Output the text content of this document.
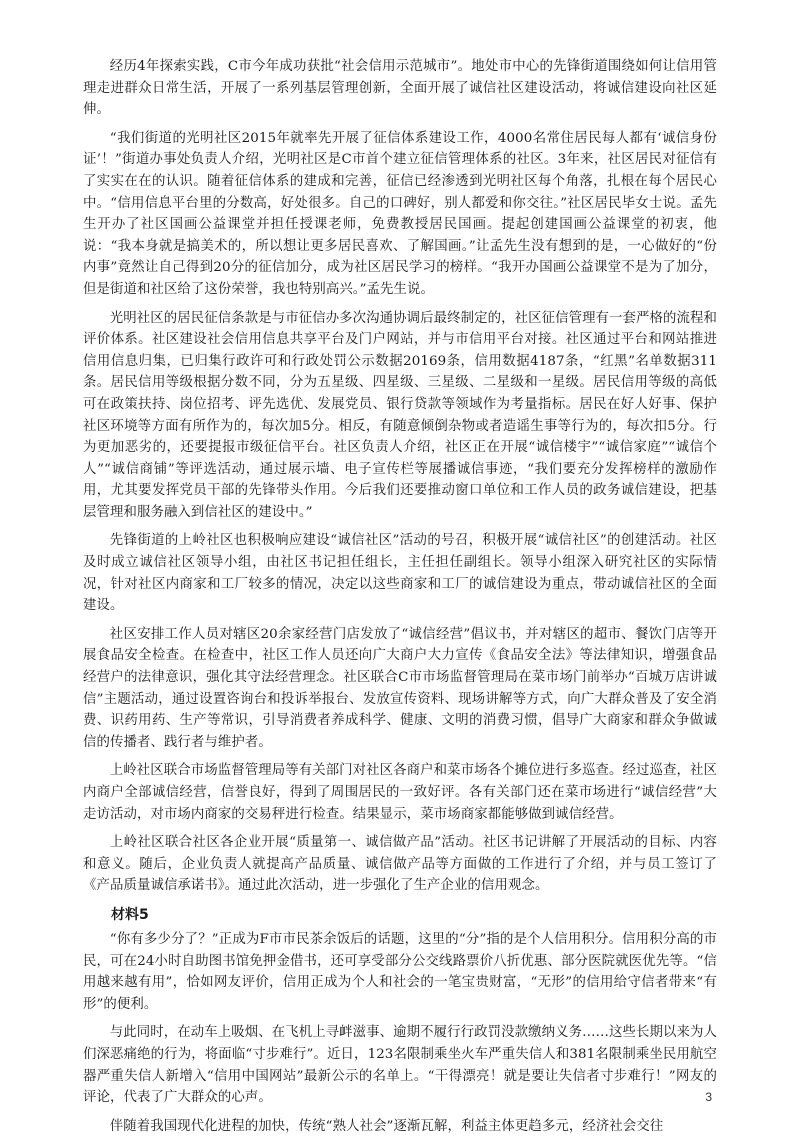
经历4年探索实践，C市今年成功获批“社会信用示范城市”。地处市中心的先锋街道围绕如何让信用管理走进群众日常生活，开展了一系列基层管理创新，全面开展了诚信社区建设活动，将诚信建设向社区延伸。

“我们街道的光明社区2015年就率先开展了征信体系建设工作，4000名常住居民每人都有‘诚信身份证’！”街道办事处负责人介绍，光明社区是C市首个建立征信管理体系的社区。3年来，社区居民对征信有了实实在在的认识。随着征信体系的建成和完善，征信已经渗透到光明社区每个角落，扎根在每个居民心中。“信用信息平台里的分数高，好处很多。自己的口碑好，别人都爱和你交往。”社区居民毕女士说。孟先生开办了社区国画公益课堂并担任授课老师，免费教授居民国画。提起创建国画公益课堂的初衷，他说：“我本身就是搞美术的，所以想让更多居民喜欢、了解国画。”让孟先生没有想到的是，一心做好的“份内事”竟然让自己得到20分的征信加分，成为社区居民学习的榜样。“我开办国画公益课堂不是为了加分，但是街道和社区给了这份荣誉，我也特别高兴。”孟先生说。

光明社区的居民征信条款是与市征信办多次沟通协调后最终制定的，社区征信管理有一套严格的流程和评价体系。社区建设社会信用信息共享平台及门户网站，并与市信用平台对接。社区通过平台和网站推进信用信息归集，已归集行政许可和行政处罚公示数据20169条，信用数据4187条，“红黑”名单数据311条。居民信用等级根据分数不同，分为五星级、四星级、三星级、二星级和一星级。居民信用等级的高低可在政策扶持、岗位招考、评先选优、发展党员、银行贷款等领域作为考量指标。居民在好人好事、保护社区环境等方面有所作为的，每次加5分。相反，有随意倾倒杂物或者造谣生事等行为的，每次扣5分。行为更加恶劣的，还要提报市级征信平台。社区负责人介绍，社区正在开展“诚信楼宇”“诚信家庭”“诚信个人”“诚信商铺”等评选活动，通过展示墙、电子宣传栏等展播诚信事迹，“我们要充分发挥榜样的激励作用，尤其要发挥党员干部的先锋带头作用。今后我们还要推动窗口单位和工作人员的政务诚信建设，把基层管理和服务融入到信社区的建设中。”

先锋街道的上岭社区也积极响应建设“诚信社区”活动的号召，积极开展“诚信社区”的创建活动。社区及时成立诚信社区领导小组，由社区书记担任组长，主任担任副组长。领导小组深入研究社区的实际情况，针对社区内商家和工厂较多的情况，决定以这些商家和工厂的诚信建设为重点，带动诚信社区的全面建设。

社区安排工作人员对辖区20余家经营门店发放了“诚信经营”倡议书，并对辖区的超市、餐饮门店等开展食品安全检查。在检查中，社区工作人员还向广大商户大力宣传《食品安全法》等法律知识，增强食品经营户的法律意识，强化其守法经营理念。社区联合C市市场监督管理局在菜市场门前举办“百城万店讲诚信”主题活动，通过设置咨询台和投诉举报台、发放宣传资料、现场讲解等方式，向广大群众普及了安全消费、识药用药、生产等常识，引导消费者养成科学、健康、文明的消费习惯，倡导广大商家和群众争做诚信的传播者、践行者与维护者。

上岭社区联合市场监督管理局等有关部门对社区各商户和菜市场各个摊位进行多巡查。经过巡查，社区内商户全部诚信经营，信誉良好，得到了周围居民的一致好评。各有关部门还在菜市场进行“诚信经营”大走访活动，对市场内商家的交易秤进行检查。结果显示，菜市场商家都能够做到诚信经营。

上岭社区联合社区各企业开展“质量第一、诚信做产品”活动。社区书记讲解了开展活动的目标、内容和意义。随后，企业负责人就提高产品质量、诚信做产品等方面做的工作进行了介绍，并与员工签订了《产品质量诚信承诺书》。通过此次活动，进一步强化了生产企业的信用观念。

材料5

“你有多少分了？”正成为F市市民茶余饭后的话题，这里的“分”指的是个人信用积分。信用积分高的市民，可在24小时自助图书馆免押金借书，还可享受部分公交线路票价八折优惠、部分医院就医优先等。“信用越来越有用”，恰如网友评价，信用正成为个人和社会的一笔宝贵财富，“无形”的信用给守信者带来“有形”的便利。

与此同时，在动车上吸烟、在飞机上寻衅滋事、逾期不履行行政罚没款缴纳义务……这些长期以来为人们深恶痛绝的行为，将面临“寸步难行”。近日，123名限制乘坐火车严重失信人和381名限制乘坐民用航空器严重失信人新增入“信用中国网站”最新公示的名单上。“干得漂亮！就是要让失信者寸步难行！”网友的评论，代表了广大群众的心声。

伴随着我国现代化进程的加快，传统“熟人社会”逐渐瓦解，利益主体更趋多元，经济社会交往

3
